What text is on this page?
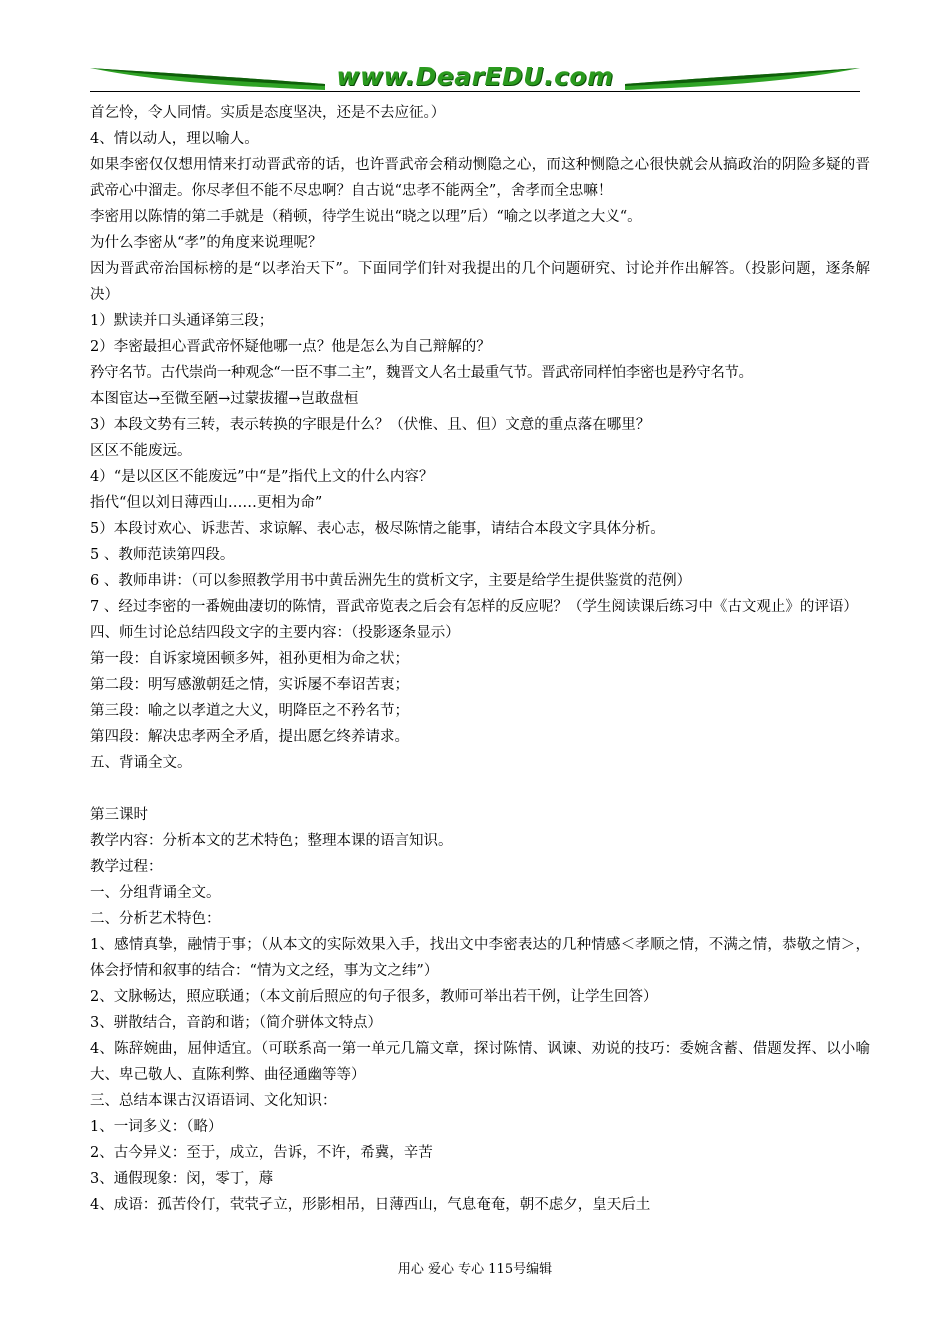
www.DearEDU.com

首乞怜，令人同情。实质是态度坚决，还是不去应征。）

4、情以动人，理以喻人。

如果李密仅仅想用情来打动晋武帝的话，也许晋武帝会稍动恻隐之心，而这种恻隐之心很快就会从搞政治的阴险多疑的晋武帝心中溜走。你尽孝但不能不尽忠啊？自古说“忠孝不能两全”，舍孝而全忠嘛！

李密用以陈情的第二手就是（稍顿，待学生说出“晓之以理”后）“喻之以孝道之大义“。

为什么李密从“孝”的角度来说理呢？

因为晋武帝治国标榜的是“以孝治天下”。下面同学们针对我提出的几个问题研究、讨论并作出解答。（投影问题，逐条解决）

1）默读并口头通译第三段；

2）李密最担心晋武帝怀疑他哪一点？他是怎么为自己辩解的？

矜守名节。古代崇尚一种观念“一臣不事二主”，魏晋文人名士最重气节。晋武帝同样怕李密也是矜守名节。

本图宦达→至微至陋→过蒙拔擢→岂敢盘桓

3）本段文势有三转，表示转换的字眼是什么？（伏惟、且、但）文意的重点落在哪里？

区区不能废远。

4）“是以区区不能废远”中“是”指代上文的什么内容？

指代“但以刘日薄西山……更相为命”

5）本段讨欢心、诉悲苦、求谅解、表心志，极尽陈情之能事，请结合本段文字具体分析。

5 、教师范读第四段。

6 、教师串讲：（可以参照教学用书中黄岳洲先生的赏析文字，主要是给学生提供鉴赏的范例）

7 、经过李密的一番婉曲凄切的陈情，晋武帝览表之后会有怎样的反应呢？（学生阅读课后练习中《古文观止》的评语）

四、师生讨论总结四段文字的主要内容：（投影逐条显示）

第一段：自诉家境困顿多舛，祖孙更相为命之状；

第二段：明写感激朝廷之情，实诉屡不奉诏苦衷；

第三段：喻之以孝道之大义，明降臣之不矜名节；

第四段：解决忠孝两全矛盾，提出愿乞终养请求。

五、背诵全文。

第三课时

教学内容：分析本文的艺术特色；整理本课的语言知识。

教学过程：

一、分组背诵全文。

二、分析艺术特色：

1、感情真挚，融情于事；（从本文的实际效果入手，找出文中李密表达的几种情感＜孝顺之情，不满之情，恭敬之情＞，体会抒情和叙事的结合：“情为文之经，事为文之纬”）

2、文脉畅达，照应联通；（本文前后照应的句子很多，教师可举出若干例，让学生回答）

3、骈散结合，音韵和谐；（简介骈体文特点）

4、陈辞婉曲，屈伸适宜。（可联系高一第一单元几篇文章，探讨陈情、讽谏、劝说的技巧：委婉含蓄、借题发挥、以小喻大、卑己敬人、直陈利弊、曲径通幽等等）

三、总结本课古汉语语词、文化知识：

1、一词多义：（略）

2、古今异义：至于，成立，告诉，不许，希冀，辛苦

3、通假现象：闵，零丁，蓐

4、成语：孤苦伶仃，茕茕孑立，形影相吊，日薄西山，气息奄奄，朝不虑夕，皇天后土

用心 爱心 专心 115号编辑
